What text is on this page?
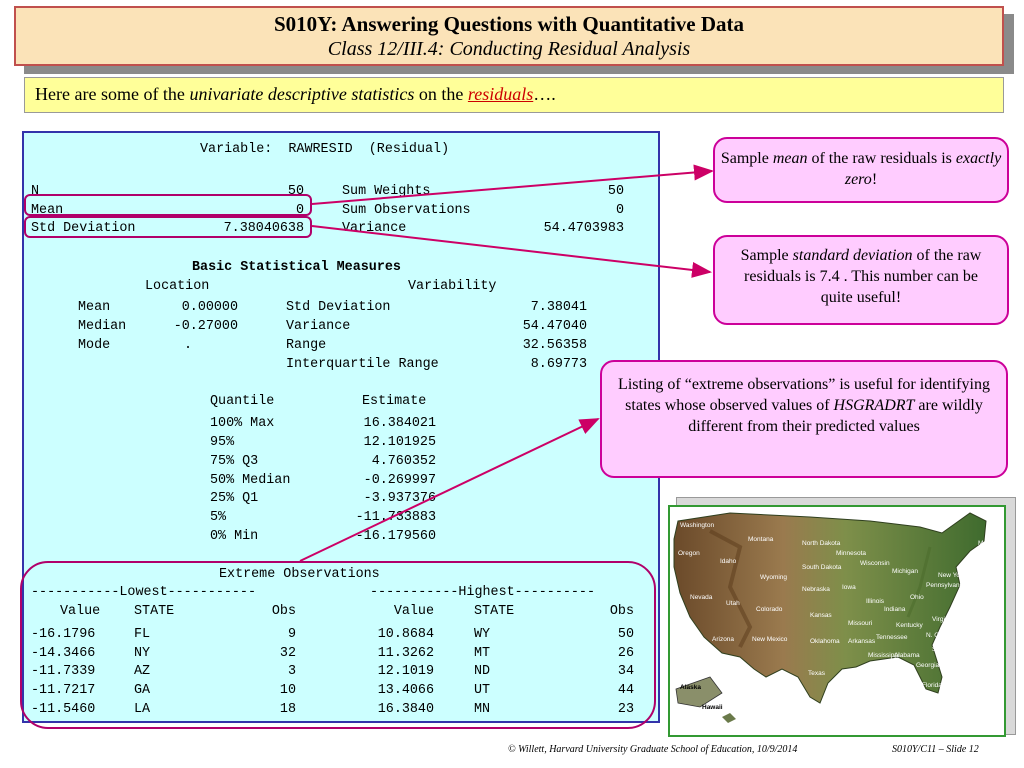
S010Y: Answering Questions with Quantitative Data
Class 12/III.4: Conducting Residual Analysis
Here are some of the univariate descriptive statistics on the residuals….
Variable:  RAWRESID  (Residual)
N	50	Sum Weights	50
Mean	0	Sum Observations	0
Std Deviation	7.38040638	Variance	54.4703983
Basic Statistical Measures
Location	Variability
Mean	0.00000	Std Deviation	7.38041
Median	-0.27000	Variance	54.47040
Mode	.	Range	32.56358
Interquartile Range	8.69773
Quantile	Estimate
100% Max	16.384021
95%	12.101925
75% Q3	4.760352
50% Median	-0.269997
25% Q1	-3.937376
5%	-11.733883
0% Min	-16.179560
Extreme Observations
-----------Lowest-----------	-----------Highest----------
Value	STATE	Obs	Value	STATE	Obs
-16.1796	FL	9	10.8684	WY	50
-14.3466	NY	32	11.3262	MT	26
-11.7339	AZ	3	12.1019	ND	34
-11.7217	GA	10	13.4066	UT	44
-11.5460	LA	18	16.3840	MN	23
Sample mean of the raw residuals is exactly zero!
Sample standard deviation of the raw residuals is 7.4 . This number can be quite useful!
Listing of “extreme observations” is useful for identifying states whose observed values of HSGRADRT are wildly different from their predicted values
Washington
Oregon
Idaho
Montana
Wyoming
Nevada
Utah
Colorado
Arizona	New Mexico
North Dakota
South Dakota
Nebraska
Kansas
Oklahoma
Texas
Minnesota
Iowa
Missouri
Arkansas
Louisiana
Wisconsin
Illinois
Michigan
Indiana
Ohio
Kentucky
Tennessee
Mississippi
Alabama
Georgia
Florida
N. Carolina
S. Carolina
Virginia
Pennsylvania
New York
Maine
Alaska
Hawaii
© Willett, Harvard University Graduate School of Education, 10/9/2014	S010Y/C11 – Slide 12
